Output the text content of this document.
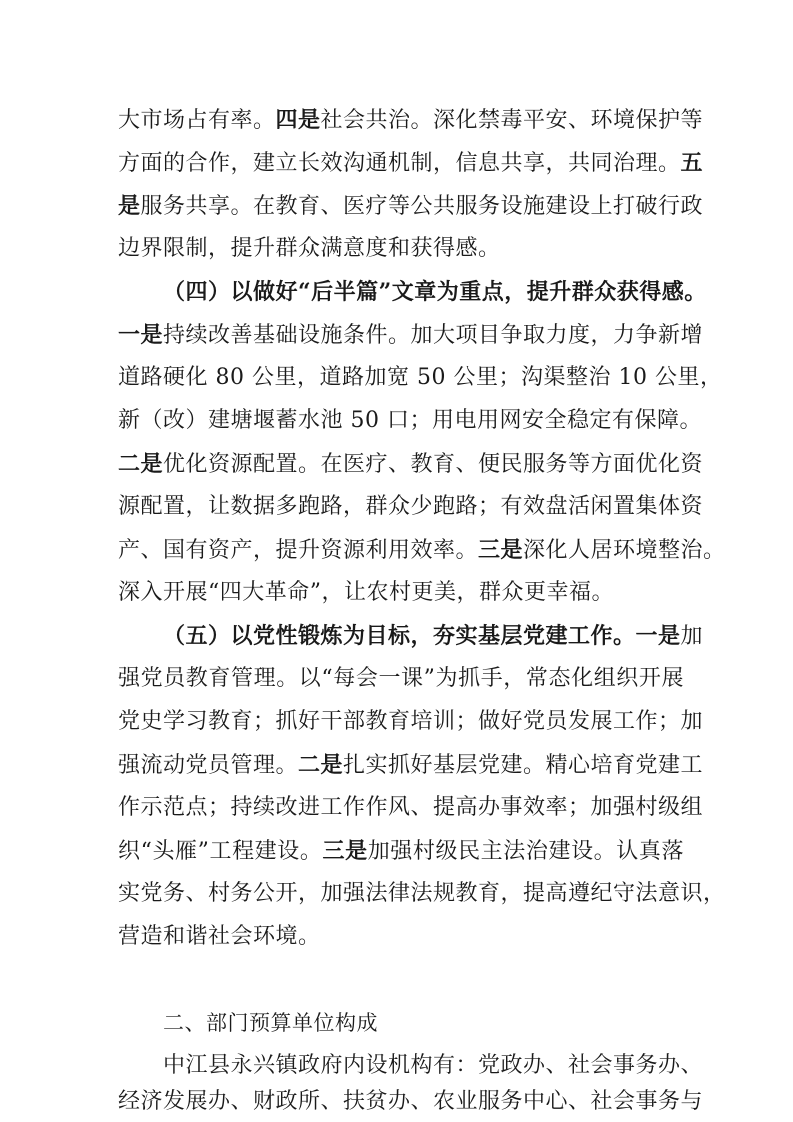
大市场占有率。四是社会共治。深化禁毒平安、环境保护等
方面的合作，建立长效沟通机制，信息共享，共同治理。五
是服务共享。在教育、医疗等公共服务设施建设上打破行政
边界限制，提升群众满意度和获得感。
（四）以做好“后半篇”文章为重点，提升群众获得感。
一是持续改善基础设施条件。加大项目争取力度，力争新增
道路硬化 80 公里，道路加宽 50 公里；沟渠整治 10 公里，
新（改）建塘堰蓄水池 50 口；用电用网安全稳定有保障。
二是优化资源配置。在医疗、教育、便民服务等方面优化资
源配置，让数据多跑路，群众少跑路；有效盘活闲置集体资
产、国有资产，提升资源利用效率。三是深化人居环境整治。
深入开展“四大革命”，让农村更美，群众更幸福。
（五）以党性锻炼为目标，夯实基层党建工作。一是加
强党员教育管理。以“每会一课”为抓手，常态化组织开展
党史学习教育；抓好干部教育培训；做好党员发展工作；加
强流动党员管理。二是扎实抓好基层党建。精心培育党建工
作示范点；持续改进工作作风、提高办事效率；加强村级组
织“头雁”工程建设。三是加强村级民主法治建设。认真落
实党务、村务公开，加强法律法规教育，提高遵纪守法意识，
营造和谐社会环境。
二、部门预算单位构成
中江县永兴镇政府内设机构有：党政办、社会事务办、
经济发展办、财政所、扶贫办、农业服务中心、社会事务与
